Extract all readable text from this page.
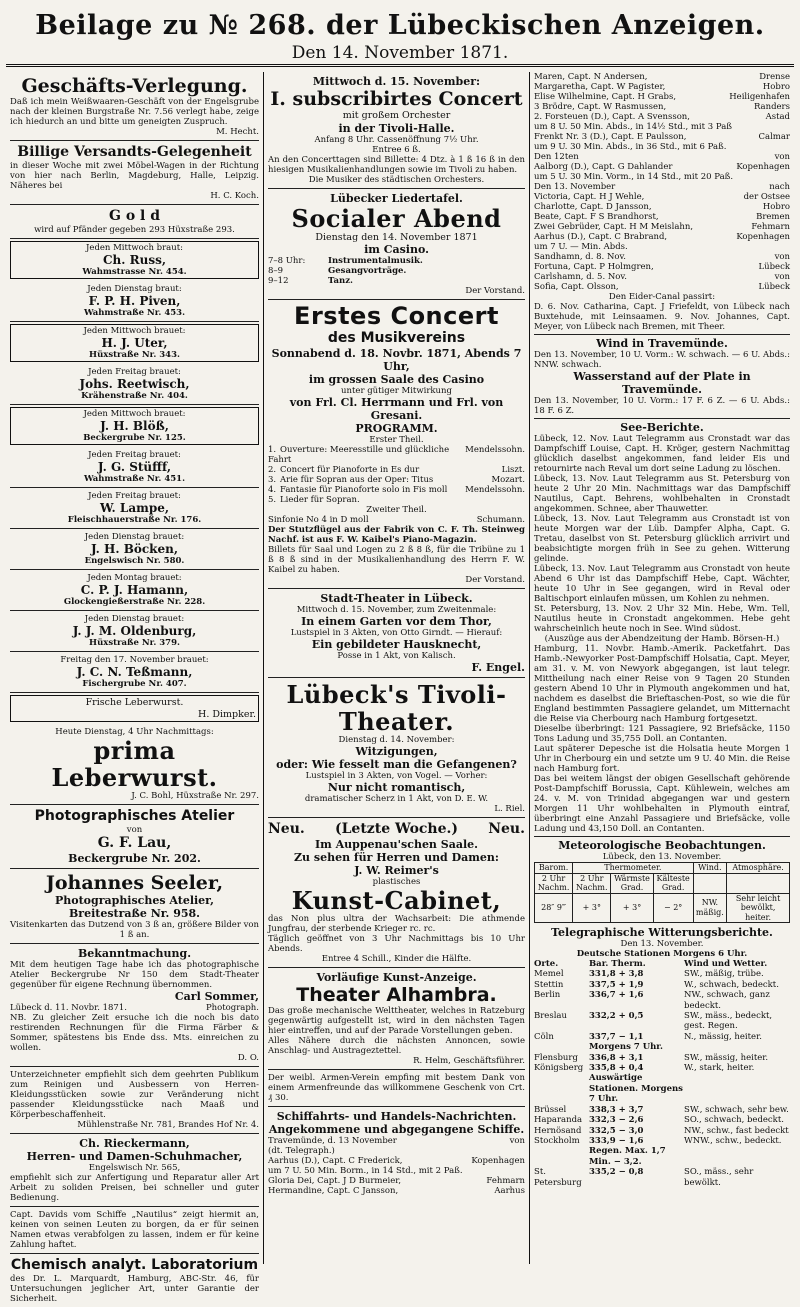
Beilage zu № 268. der Lübeckischen Anzeigen.
Den 14. November 1871.
Geschäfts-Verlegung.
Daß ich mein Weißwaaren-Geschäft von der Engelsgrube nach der kleinen Burgstraße Nr. 7.56 verlegt habe, zeige ich hiedurch an und bitte um geneigten Zuspruch.
M. Hecht.
Billige Versandts-Gelegenheit
in dieser Woche mit zwei Möbel-Wagen in der Richtung von hier nach Berlin, Magdeburg, Halle, Leipzig. Näheres bei
H. C. Koch.
G o l d
wird auf Pfänder gegeben 293 Hüxstraße 293.
Jeden Mittwoch braut:
Ch. Russ,
Wahmstrasse Nr. 454.
Jeden Dienstag braut:
F. P. H. Piven,
Wahmstraße Nr. 453.
Jeden Mittwoch brauet:
H. J. Uter,
Hüxstraße Nr. 343.
Jeden Freitag brauet:
Johs. Reetwisch,
Krähenstraße Nr. 404.
Jeden Mittwoch brauet:
J. H. Blöß,
Beckergrube Nr. 125.
Jeden Freitag brauet:
J. G. Stüfff,
Wahmstraße Nr. 451.
Jeden Freitag brauet:
W. Lampe,
Fleischhauerstraße Nr. 176.
Jeden Dienstag brauet:
J. H. Böcken,
Engelswisch Nr. 580.
Jeden Montag brauet:
C. P. J. Hamann,
Glockengießerstraße Nr. 228.
Jeden Dienstag brauet:
J. J. M. Oldenburg,
Hüxstraße Nr. 379.
Freitag den 17. November brauet:
J. C. N. Teßmann,
Fischergrube Nr. 407.
Frische Leberwurst.
H. Dimpker.
Heute Dienstag, 4 Uhr Nachmittags:
prima Leberwurst.
J. C. Bohl, Hüxstraße Nr. 297.
Photographisches Atelier
von
G. F. Lau,
Beckergrube Nr. 202.
Johannes Seeler,
Photographisches Atelier,
Breitestraße Nr. 958.
Visitenkarten das Dutzend von 3 ß an, größere Bilder von 1 ß an.
Bekanntmachung.
Mit dem heutigen Tage habe ich das photographische Atelier Beckergrube Nr 150 dem Stadt-Theater gegenüber für eigene Rechnung übernommen.
Carl Sommer,
Lübeck d. 11. Novbr. 1871.	Photograph.
NB. Zu gleicher Zeit ersuche ich die noch bis dato restirenden Rechnungen für die Firma Färber & Sommer, spätestens bis Ende dss. Mts. einreichen zu wollen.
D. O.
Unterzeichneter empfiehlt sich dem geehrten Publikum zum Reinigen und Ausbessern von Herren-Kleidungsstücken sowie zur Veränderung nicht passender Kleidungsstücke nach Maaß und Körperbeschaffenheit.
Mühlenstraße Nr. 781, Brandes Hof Nr. 4.
Ch. Rieckermann,
Herren- und Damen-Schuhmacher,
Engelswisch Nr. 565,
empfiehlt sich zur Anfertigung und Reparatur aller Art Arbeit zu soliden Preisen, bei schneller und guter Bedienung.
Capt. Davids vom Schiffe „Nautilus“ zeigt hiermit an, keinen von seinen Leuten zu borgen, da er für seinen Namen etwas verabfolgen zu lassen, indem er für keine Zahlung haftet.
Chemisch analyt. Laboratorium
des Dr. L. Marquardt, Hamburg, ABC-Str. 46, für Untersuchungen jeglicher Art, unter Garantie der Sicherheit.
Mittwoch d. 15. November:
I. subscribirtes Concert
mit großem Orchester
in der Tivoli-Halle.
Anfang 8 Uhr. Cassenöffnung 7½ Uhr.
Entree 6 ß.
An den Concerttagen sind Billette: 4 Dtz. à 1 ß 16 ß in den hiesigen Musikalienhandlungen sowie im Tivoli zu haben.
Die Musiker des städtischen Orchesters.
Lübecker Liedertafel.
Socialer Abend
Dienstag den 14. November 1871
im Casino.
7–8 Uhr:	Instrumentalmusik.
8–9	Gesangvorträge.
9–12	Tanz.
Der Vorstand.
Erstes Concert
des Musikvereins
Sonnabend d. 18. Novbr. 1871, Abends 7 Uhr,
im grossen Saale des Casino
unter gütiger Mitwirkung
von Frl. Cl. Herrmann und Frl. von Gresani.
PROGRAMM.
Erster Theil.
1. Ouverture: Meeresstille und glückliche Fahrt
Mendelssohn.
2. Concert für Pianoforte in Es dur	Liszt.
3. Arie für Sopran aus der Oper: Titus	Mozart.
4. Fantasie für Pianoforte solo in Fis moll Mendelssohn.
5. Lieder für Sopran.
Zweiter Theil.
Sinfonie No 4 in D moll	Schumann.
Der Stutzflügel aus der Fabrik von C. F. Th. Steinweg Nachf. ist aus F. W. Kaibel's Piano-Magazin.
Billets für Saal und Logen zu 2 ß 8 ß, für die Tribüne zu 1 ß 8 ß sind in der Musikalienhandlung des Herrn F. W. Kaibel zu haben.
Der Vorstand.
Stadt-Theater in Lübeck.
Mittwoch d. 15. November, zum Zweitenmale:
In einem Garten vor dem Thor,
Lustspiel in 3 Akten, von Otto Girndt. — Hierauf:
Ein gebildeter Hausknecht,
Posse in 1 Akt, von Kalisch.
F. Engel.
Lübeck's Tivoli-Theater.
Dienstag d. 14. November:
Witzigungen,
oder: Wie fesselt man die Gefangenen?
Lustspiel in 3 Akten, von Vogel. — Vorher:
Nur nicht romantisch,
dramatischer Scherz in 1 Akt, von D. E. W.
L. Riel.
Neu. (Letzte Woche.) Neu.
Im Auppenau'schen Saale.
Zu sehen für Herren und Damen:
J. W. Reimer's
plastisches
Kunst-Cabinet,
das Non plus ultra der Wachsarbeit: Die athmende Jungfrau, der sterbende Krieger rc. rc.
Täglich geöffnet von 3 Uhr Nachmittags bis 10 Uhr Abends.
Entree 4 Schill., Kinder die Hälfte.
Vorläufige Kunst-Anzeige.
Theater Alhambra.
Das große mechanische Welttheater, welches in Ratzeburg gegenwärtig aufgestellt ist, wird in den nächsten Tagen hier eintreffen, und auf der Parade Vorstellungen geben.
Alles Nähere durch die nächsten Annoncen, sowie Anschlag- und Austrageztettel.
R. Helm, Geschäftsführer.
Der weibl. Armen-Verein empfing mit bestem Dank von einem Armenfreunde das willkommene Geschenk von Crt. ₰ 30.
Schiffahrts- und Handels-Nachrichten.
Angekommene und abgegangene Schiffe.
Travemünde, d. 13 November	von
(dt. Telegraph.)
Aarhus (D.), Capt. C Frederick,	Kopenhagen
um 7 U. 50 Min. Borm., in 14 Std., mit 2 Paß.
Gloria Dei, Capt. J D Burmeier,	Fehmarn
Hermandine, Capt. C Jansson,	Aarhus
Maren, Capt. N Andersen,	Drense
Margaretha, Capt. W Pagister,	Hobro
Elise Wilhelmine, Capt. H Grabs,	Heiligenhafen
3 Brödre, Capt. W Rasmussen,	Randers
2. Forsteuen (D.), Capt. A Svensson,	Astad
um 8 U. 50 Min. Abds., in 14½ Std., mit 3 Paß
Frenkt Nr. 3 (D.), Capt. E Paulsson,	Calmar
um 9 U. 30 Min. Abds., in 36 Std., mit 6 Paß.
Den 12ten	von
Aalborg (D.), Capt. G Dahlander	Kopenhagen
um 5 U. 30 Min. Vorm., in 14 Std., mit 20 Paß.
Den 13. November	nach
Victoria, Capt. H J Wehle,	der Ostsee
Charlotte, Capt. D Jansson,	Hobro
Beate, Capt. F S Brandhorst,	Bremen
Zwei Gebrüder, Capt. H M Meislahn,	Fehmarn
Aarhus (D.), Capt. C Brabrand,	Kopenhagen
um 7 U. — Min. Abds.
Sandhamn, d. 8. Nov.	von
Fortuna, Capt. P Holmgren,	Lübeck
Carlshamn, d. 5. Nov.	von
Sofia, Capt. Olsson,	Lübeck
Den Eider-Canal passirt:
D. 6. Nov. Catharina, Capt. J Friefeldt, von Lübeck nach Buxtehude, mit Leinsaamen. 9. Nov. Johannes, Capt. Meyer, von Lübeck nach Bremen, mit Theer.
Wind in Travemünde.
Den 13. November, 10 U. Vorm.: W. schwach. — 6 U. Abds.: NNW. schwach.
Wasserstand auf der Plate in Travemünde.
Den 13. November, 10 U. Vorm.: 17 F. 6 Z. — 6 U. Abds.: 18 F. 6 Z.
See-Berichte.
Lübeck, 12. Nov. Laut Telegramm aus Cronstadt war das Dampfschiff Louise, Capt. H. Kröger, gestern Nachmittag glücklich daselbst angekommen, fand leider Eis und retournirte nach Reval um dort seine Ladung zu löschen.
Lübeck, 13. Nov. Laut Telegramm aus St. Petersburg von heute 2 Uhr 20 Min. Nachmittags war das Dampfschiff Nautilus, Capt. Behrens, wohlbehalten in Cronstadt angekommen. Schnee, aber Thauwetter.
Lübeck, 13. Nov. Laut Telegramm aus Cronstadt ist von heute Morgen war der Lüb. Dampfer Alpha, Capt. G. Tretau, daselbst von St. Petersburg glücklich arrivirt und beabsichtigte morgen früh in See zu gehen. Witterung gelinde.
Lübeck, 13. Nov. Laut Telegramm aus Cronstadt von heute Abend 6 Uhr ist das Dampfschiff Hebe, Capt. Wächter, heute 10 Uhr in See gegangen, wird in Reval oder Baltischport einlaufen müssen, um Kohlen zu nehmen.
St. Petersburg, 13. Nov. 2 Uhr 32 Min. Hebe, Wm. Tell, Nautilus heute in Cronstadt angekommen. Hebe geht wahrscheinlich heute noch in See. Wind südost.
(Auszüge aus der Abendzeitung der Hamb. Börsen-H.)
Hamburg, 11. Novbr. Hamb.-Amerik. Packetfahrt. Das Hamb.-Newyorker Post-Dampfschiff Holsatia, Capt. Meyer, am 31. v. M. von Newyork abgegangen, ist laut telegr. Mittheilung nach einer Reise von 9 Tagen 20 Stunden gestern Abend 10 Uhr in Plymouth angekommen und hat, nachdem es daselbst die Brieftaschen-Post, so wie die für England bestimmten Passagiere gelandet, um Mitternacht die Reise via Cherbourg nach Hamburg fortgesetzt.
Dieselbe überbringt: 121 Passagiere, 92 Briefsäcke, 1150 Tons Ladung und 35,755 Doll. an Contanten.
Laut späterer Depesche ist die Holsatia heute Morgen 1 Uhr in Cherbourg ein und setzte um 9 U. 40 Min. die Reise nach Hamburg fort.
Das bei weitem längst der obigen Gesellschaft gehörende Post-Dampfschiff Borussia, Capt. Kühlewein, welches am 24. v. M. von Trinidad abgegangen war und gestern Morgen 11 Uhr wohlbehalten in Plymouth eintraf, überbringt eine Anzahl Passagiere und Briefsäcke, volle Ladung und 43,150 Doll. an Contanten.
Meteorologische Beobachtungen.
Lübeck, den 13. November.
Barom.	Thermometer.			Wind.	Atmosphäre.
2 Uhr Nachm.	2 Uhr Nachm.	Wärmste Grad.	Kälteste Grad.		
28″ 9‴	+ 3°	+ 3°	− 2°	NW. mäßig.	Sehr leicht bewölkt, heiter.
Telegraphische Witterungsberichte.
Den 13. November.
Deutsche Stationen Morgens 6 Uhr.
Orte.	Bar. Therm.	Wind und Wetter.
Memel	331,8 + 3,8	SW., mäßig, trübe.
Stettin	337,5 + 1,9	W., schwach, bedeckt.
Berlin	336,7 + 1,6	NW., schwach, ganz bedeckt.
Breslau	332,2 + 0,5	SW., mäss., bedeckt, gest. Regen.
Cöln	337,7 − 1,1	N., mässig, heiter.
	Morgens 7 Uhr.	
Flensburg	336,8 + 3,1	SW., mässig, heiter.
Königsberg	335,8 + 0,4	W., stark, heiter.
	Auswärtige Stationen. Morgens 7 Uhr.	
Brüssel	338,3 + 3,7	SW., schwach, sehr bew.
Haparanda	332,3 − 2,6	SO., schwach, bedeckt.
Hernösand	332,5 − 3,0	NW., schw., fast bedeckt
Stockholm	333,9 − 1,6	WNW., schw., bedeckt.
	Regen. Max. 1,7 Min. − 3,2.	
St. Petersburg	335,2 − 0,8	SO., mäss., sehr bewölkt.
